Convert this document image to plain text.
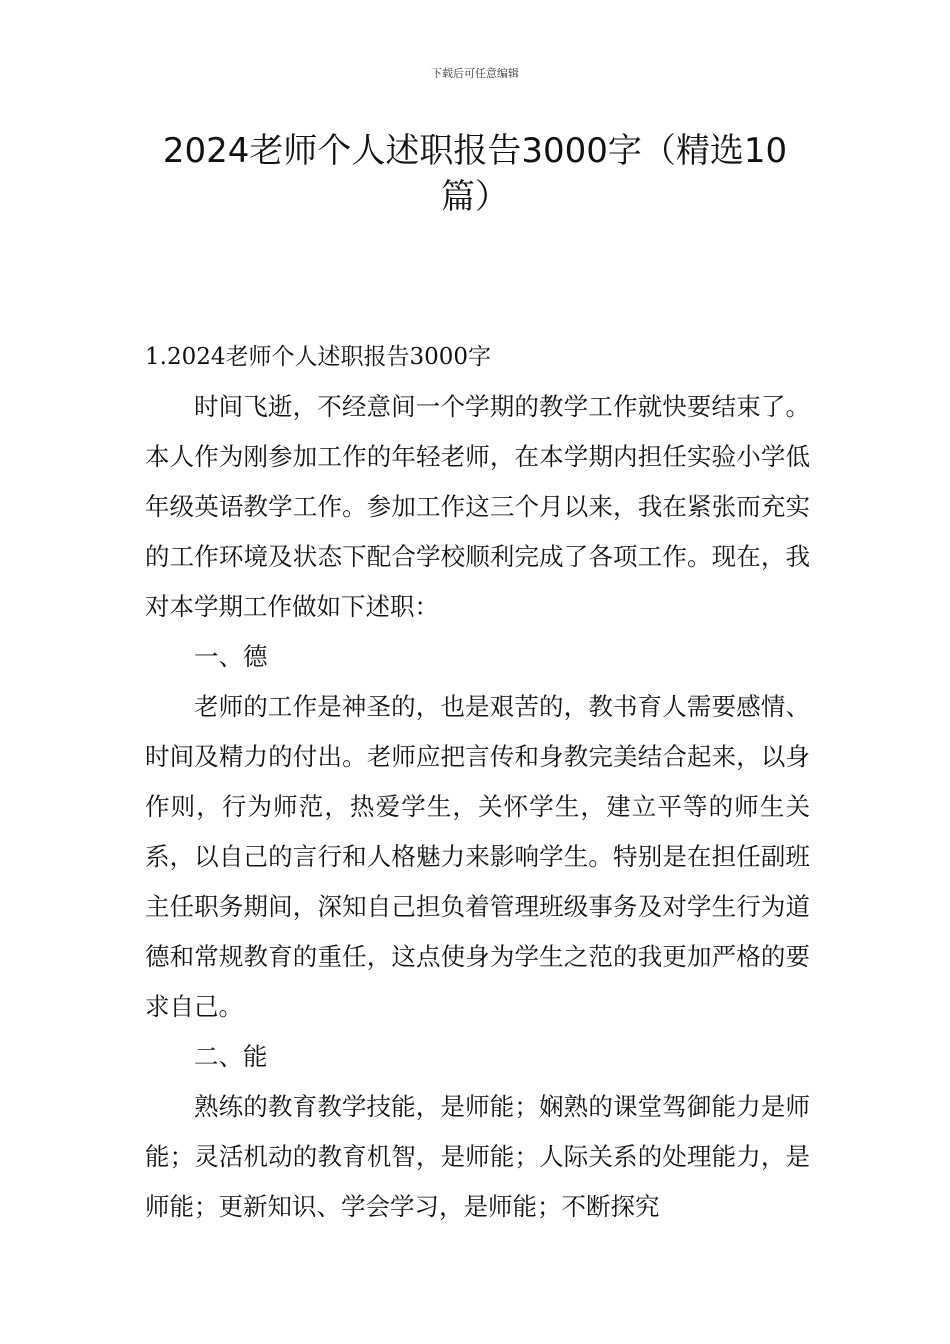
下载后可任意编辑
2024老师个人述职报告3000字（精选10
篇）

1.2024老师个人述职报告3000字

时间飞逝，不经意间一个学期的教学工作就快要结束了。本人作为刚参加工作的年轻老师，在本学期内担任实验小学低年级英语教学工作。参加工作这三个月以来，我在紧张而充实的工作环境及状态下配合学校顺利完成了各项工作。现在，我对本学期工作做如下述职：

一、德

老师的工作是神圣的，也是艰苦的，教书育人需要感情、时间及精力的付出。老师应把言传和身教完美结合起来，以身作则，行为师范，热爱学生，关怀学生，建立平等的师生关系，以自己的言行和人格魅力来影响学生。特别是在担任副班主任职务期间，深知自己担负着管理班级事务及对学生行为道德和常规教育的重任，这点使身为学生之范的我更加严格的要求自己。

二、能

熟练的教育教学技能，是师能；娴熟的课堂驾御能力是师能；灵活机动的教育机智，是师能；人际关系的处理能力，是师能；更新知识、学会学习，是师能；不断探究
